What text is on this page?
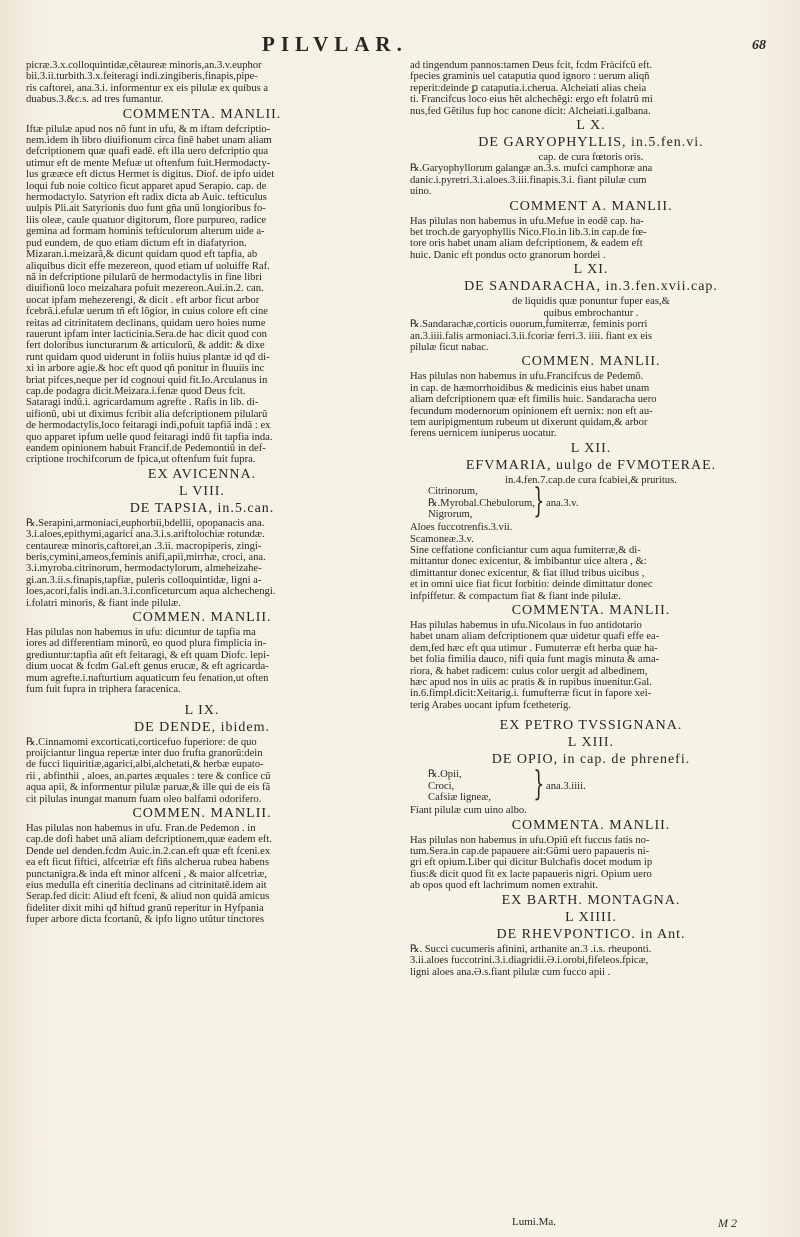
PILVLAR.	68
picræ.3.x.colloquintidæ,cẽtaureæ minoris,an.3.v.euphor
bii.3.ii.turbith.3.x.feiteragi indi.zingiberis,finapis,pipe-
ris caftorei, ana.3.i. informentur ex eis pilulæ ex quibus a
duabus.3.&c.s. ad tres fumantur.
COMMENTA. MANLII.
Iftæ pilulæ apud nos nõ funt in ufu, & m iftam defcriptio-
nem.idem ih libro diuifionum circa finẽ habet unam aliam
defcriptionem quæ quafi eadẽ. eft illa uero defcriptio qua
utimur eft de mente Mefuæ ut oftenfum fuit.Hermodacty-
lus grææce eft dictus Hermet is digitus. Diof. de ipfo uidet
loqui fub noie coltico ficut apparet apud Serapio. cap. de
hermodactylo. Satyrion eft radix dicta ab Auic. tefticulus
uulpis Pli.ait Satyrionis duo funt gña unũ longioribus fo-
liis oleæ, caule quatuor digitorum, flore purpureo, radice
gemina ad formam hominis tefticulorum alterum uide a-
pud eundem, de quo etiam dictum eft in diafatyrion.
Mizaran.i.meizarã,& dicunt quidam quod eft tapfia, ab
aliquibus dicit effe mezereon, quod etiam uf uoluiffe Raf.
nã in defcriptione pilularũ de hermodactylis in fine libri
diuifionũ loco meizahara pofuit mezereon.Aui.in.2. can.
uocat ipfam mehezerengi, & dicit . eft arbor ficut arbor
fcebrã.i.efulæ uerum tñ eft lõgior, in cuius colore eft cine
reitas ad citrinitatem declinans, quidam uero hoies nume
rauerunt ipfam inter lacticinia.Sera.de hac dicit quod con
fert doloribus iuncturarum & articulorũ, & addit: & dixe
runt quidam quod uiderunt in foliis huius plantæ id qđ di-
xi in arbore agie.& hoc eft quod qñ ponitur in fluuiis inc
briat pifces,neque per id cognoui quid fit.Io.Arculanus in
cap.de podagra dicit.Meizara.i.fenæ quod Deus fcit.
Sataragi indũ.i. agricardamum agrefte . Rafis in lib. di-
uifionũ, ubi ut diximus fcribit alia defcriptionem pilularũ
de hermodactylis,loco feitaragi indi,pofuit tapfiã indã : ex
quo apparet ipfum uelle quod feitaragi indũ fit tapfia inda.
eandem opinionem habuit Francif.de Pedemontiũ in def-
criptione trochifcorum de fpica,ut oftenfum fuit fupra.
EX AVICENNA.
L VIII.
DE TAPSIA, in.5.can.
℞.Serapini,armoniaci,euphorbii,bdellii, opopanacis ana.
3.i.aloes,epithymi,agarici ana.3.i.s.ariftolochiæ rotundæ.
centaureæ minoris,caftorei,an .3.ii. macropiperis, zingi-
beris,cymini,ameos,feminis anifi,apii,mirrhæ, croci, ana.
3.i.myroba.citrinorum, hermodactylorum, almeheizahe-
gi.an.3.ii.s.finapis,tapfiæ, puleris colloquintidæ, ligni a-
loes,acori,falis indi.an.3.i.conficeturcum aqua alchechengi.
i.folatri minoris, & fiant inde pilulæ.
COMMEN. MANLII.
Has pilulas non habemus in ufu: dicuntur de tapfia ma
iores ad differentiam minorũ, eo quod plura fimplicia in-
grediuntur:tapfia aũt eft feitaragi, & eft quam Diofc. lepi-
dium uocat & fcdm Gal.eft genus erucæ, & eft agricarda-
mum agrefte.i.nafturtium aquaticum feu fenation,ut often
fum fuit fupra in triphera faracenica.
L IX.
DE DENDE, ibidem.
℞.Cinnamomi excorticati,corticefuo fuperiore: de quo
proijciantur lingua repertæ inter duo frufta granorũ:dein
de fucci liquiritiæ,agarici,albi,alchetati,& herbæ eupato-
rii , abfinthii , aloes, an.partes æquales : tere & confice cũ
aqua apii, & informentur pilulæ paruæ,& ille qui de eis fã
cit pilulas inungat manum fuam oleo balfami odorifero.
COMMEN. MANLII.
Has pilulas non habemus in ufu. Fran.de Pedemon . in
cap.de dofi habet unã aliam defcriptionem,quæ eadem eft.
Dende uel denden.fcdm Auic.in.2.can.eft quæ eft fceni.ex
ea eft ficut fiftici, alfcetriæ eft fiñs alcherua rubea habens
punctanigra.& inda eft minor alfceni , & maior alfcetriæ,
eius medulla eft cineritia declinans ad citrinitatẽ.idem ait
Serap.fed dicit: Aliud eft fceni, & aliud non quidã amicus
fideliter dixit mihi qđ hiftud granũ reperitur in Hyfpania
fuper arbore dicta fcortanũ, & ipfo ligno utũtur tinctores
ad tingendum pannos:tamen Deus fcit, fcdm Fràcifcũ eft.
fpecies graminis uel cataputia quod ignoro : uerum aliqñ
reperit:deinde ꝑ cataputia.i.cherua. Alcheiati alias cheia
ti. Francifcus loco eius hẽt alchechẽgi: ergo eft folatrũ mi
nus,fed Gẽtilus fup hoc canone dicit: Alcheiati.i.galbana.
L X.
DE GARYOPHYLLIS, in.5.fen.vi.
cap. de cura fœtoris oris.
℞.Garyophyllorum galangæ an.3.s. mufci camphoræ ana
danic.i.pyretri.3.i.aloes.3.iii.finapis.3.i. fiant pilulæ cum
uino.
COMMENT A. MANLII.
Has pilulas non habemus in ufu.Mefue in eodẽ cap. ha-
bet troch.de garyophyllis Nico.Flo.in lib.3.in cap.de fœ-
tore oris habet unam aliam defcriptionem, & eadem eft
huic. Danic eft pondus octo granorum hordei .
L XI.
DE SANDARACHA, in.3.fen.xvii.cap.
de liquidis quæ ponuntur fuper eas,&
quibus embrochantur .
℞.Sandarachæ,corticis ouorum,fumiterræ, feminis porri
an.3.iiii.falis armoniaci.3.ii.fcoriæ ferri.3. iiii. fiant ex eis
pilulæ ficut nabac.
COMMEN. MANLII.
Has pilulas non habemus in ufu.Francifcus de Pedemõ.
in cap. de hæmorrhoidibus & medicinis eius habet unam
aliam defcriptionem quæ eft fimilis huic. Sandaracha uero
fecundum modernorum opinionem eft uernix: non eft au-
tem auripigmentum rubeum ut dixerunt quidam,& arbor
ferens uernicem iuniperus uocatur.
L XII.
EFVMARIA, uulgo de FVMOTERAE.
in.4.fen.7.cap.de cura fcabiei,& pruritus.
Citrinorum,
℞.Myrobal.Chebulorum,
Nigrorum,	} ana.3.v.
Aloes fuccotrenfis.3.vii.
Scamoneæ.3.v.
Sine ceffatione conficiantur cum aqua fumiterræ,& di-
mittantur donec exicentur, & imbibantur uice altera , &:
dimittantur donec exicentur, & fiat illud tribus uicibus ,
et in omni uice fiat ficut forbitio: deinde dimittatur donec
infpiffetur. & compactum fiat & fiant inde pilulæ.
COMMENTA. MANLII.
Has pilulas habemus in ufu.Nicolaus in fuo antidotario
habet unam aliam defcriptionem quæ uidetur quafi effe ea-
dem,fed hæc eft qua utimur . Fumuterræ eft herba quæ ha-
bet folia fimilia dauco, nifi quia funt magis minuta & ama-
riora, & habet radicem: cuius color uergit ad albedinem,
hæc apud nos in uiis ac pratis & in rupibus inuenitur.Gal.
in.6.fimpl.dicit:Xeitarig.i. fumufterræ ficut in fapore xei-
terig Arabes uocant ipfum fcetheterig.
EX PETRO TVSSIGNANA.
L XIII.
DE OPIO, in cap. de phrenefi.
℞.Opii,
Croci,
Cafsiæ ligneæ, } ana.3.iiii.
Fiant pilulæ cum uino albo.
COMMENTA. MANLII.
Has pilulas non habemus in ufu.Opiũ eft fuccus fatis no-
tum.Sera.in cap.de papauere ait:Gũmi uero papaueris ni-
gri eft opium.Liber qui dicitur Bulchafis docet modum ip
fius:& dicit quod fit ex lacte papaueris nigri. Opium uero
ab opos quod eft lachrimum nomen extrahit.
EX BARTH. MONTAGNA.
L XIIII.
DE RHEVPONTICO. in Ant.
℞. Succi cucumeris afinini, arthanite an.3 .i.s. rheuponti.
3.ii.aloes fuccotrini.3.i.diagridii.Ə.i.orobi,fifeleos.fpicæ,
ligni aloes ana.Ə.s.fiant pilulæ cum fucco apii .
Lumi.Ma.	M 2
